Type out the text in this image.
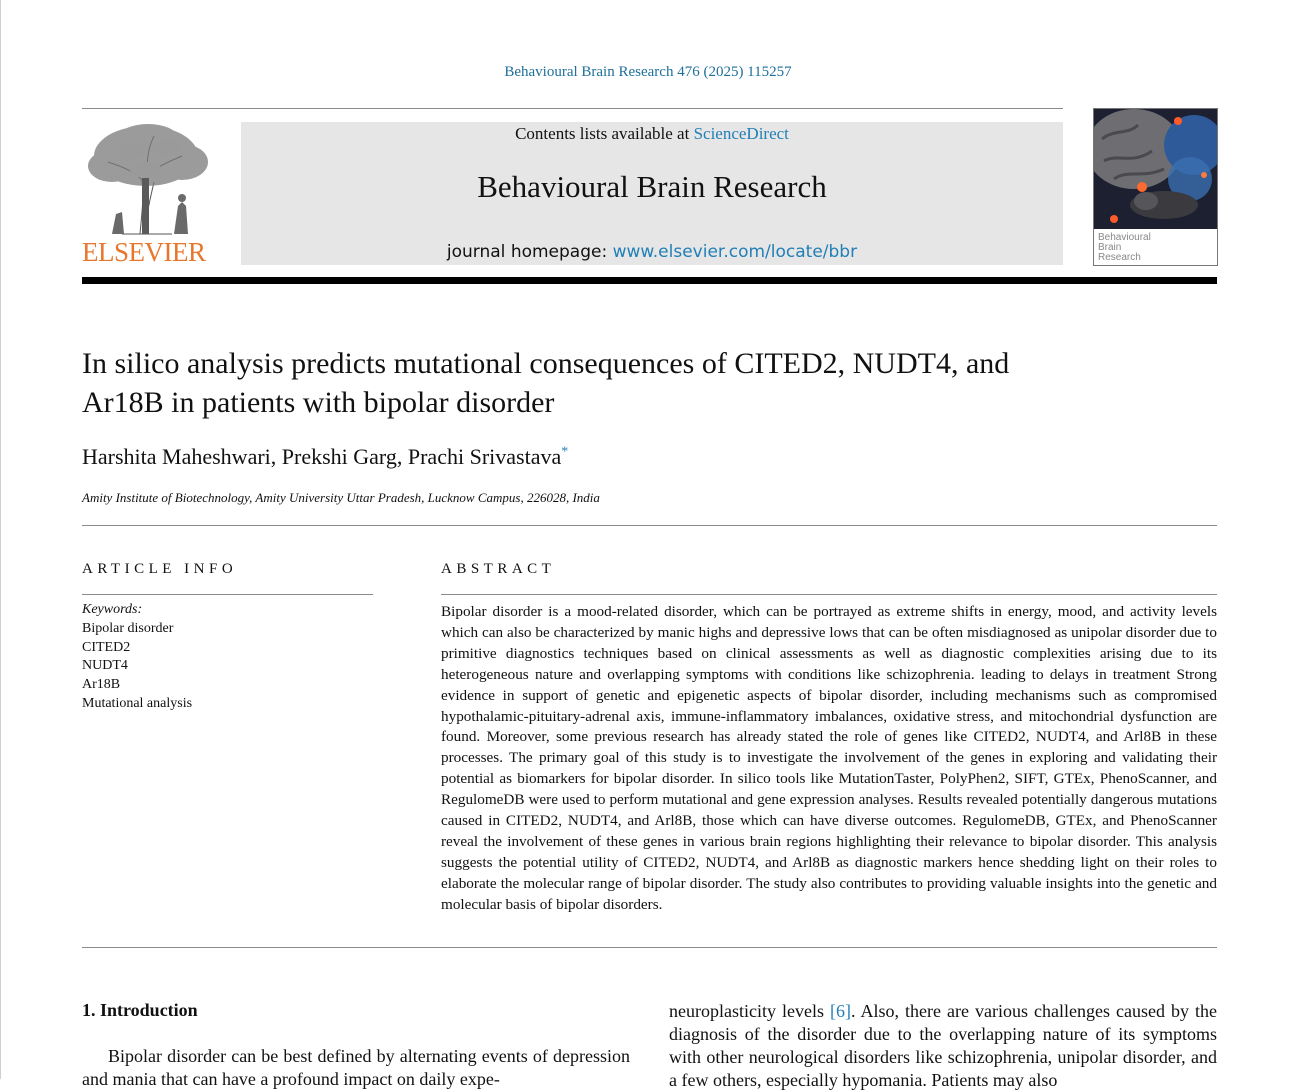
Behavioural Brain Research 476 (2025) 115257
ELSEVIER
Contents lists available at ScienceDirect
Behavioural Brain Research
journal homepage: www.elsevier.com/locate/bbr
Behavioural
Brain
Research
In silico analysis predicts mutational consequences of CITED2, NUDT4, and Ar18B in patients with bipolar disorder
Harshita Maheshwari, Prekshi Garg, Prachi Srivastava*
Amity Institute of Biotechnology, Amity University Uttar Pradesh, Lucknow Campus, 226028, India
ARTICLE INFO
Keywords:
Bipolar disorder
CITED2
NUDT4
Ar18B
Mutational analysis
ABSTRACT
Bipolar disorder is a mood-related disorder, which can be portrayed as extreme shifts in energy, mood, and activity levels which can also be characterized by manic highs and depressive lows that can be often misdiagnosed as unipolar disorder due to primitive diagnostics techniques based on clinical assessments as well as diagnostic complexities arising due to its heterogeneous nature and overlapping symptoms with conditions like schizophrenia. leading to delays in treatment Strong evidence in support of genetic and epigenetic aspects of bipolar disorder, including mechanisms such as compromised hypothalamic-pituitary-adrenal axis, immune-inflammatory imbalances, oxidative stress, and mitochondrial dysfunction are found. Moreover, some previous research has already stated the role of genes like CITED2, NUDT4, and Arl8B in these processes. The primary goal of this study is to investigate the involvement of the genes in exploring and validating their potential as biomarkers for bipolar disorder. In silico tools like MutationTaster, PolyPhen2, SIFT, GTEx, PhenoScanner, and RegulomeDB were used to perform mutational and gene expression analyses. Results revealed potentially dangerous mutations caused in CITED2, NUDT4, and Arl8B, those which can have diverse outcomes. RegulomeDB, GTEx, and PhenoScanner reveal the involvement of these genes in various brain regions highlighting their relevance to bipolar disorder. This analysis suggests the potential utility of CITED2, NUDT4, and Arl8B as diagnostic markers hence shedding light on their roles to elaborate the molecular range of bipolar disorder. The study also contributes to providing valuable insights into the genetic and molecular basis of bipolar disorders.
1. Introduction
Bipolar disorder can be best defined by alternating events of depression and mania that can have a profound impact on daily expe-
neuroplasticity levels [6]. Also, there are various challenges caused by the diagnosis of the disorder due to the overlapping nature of its symptoms with other neurological disorders like schizophrenia, unipolar disorder, and a few others, especially hypomania. Patients may also
